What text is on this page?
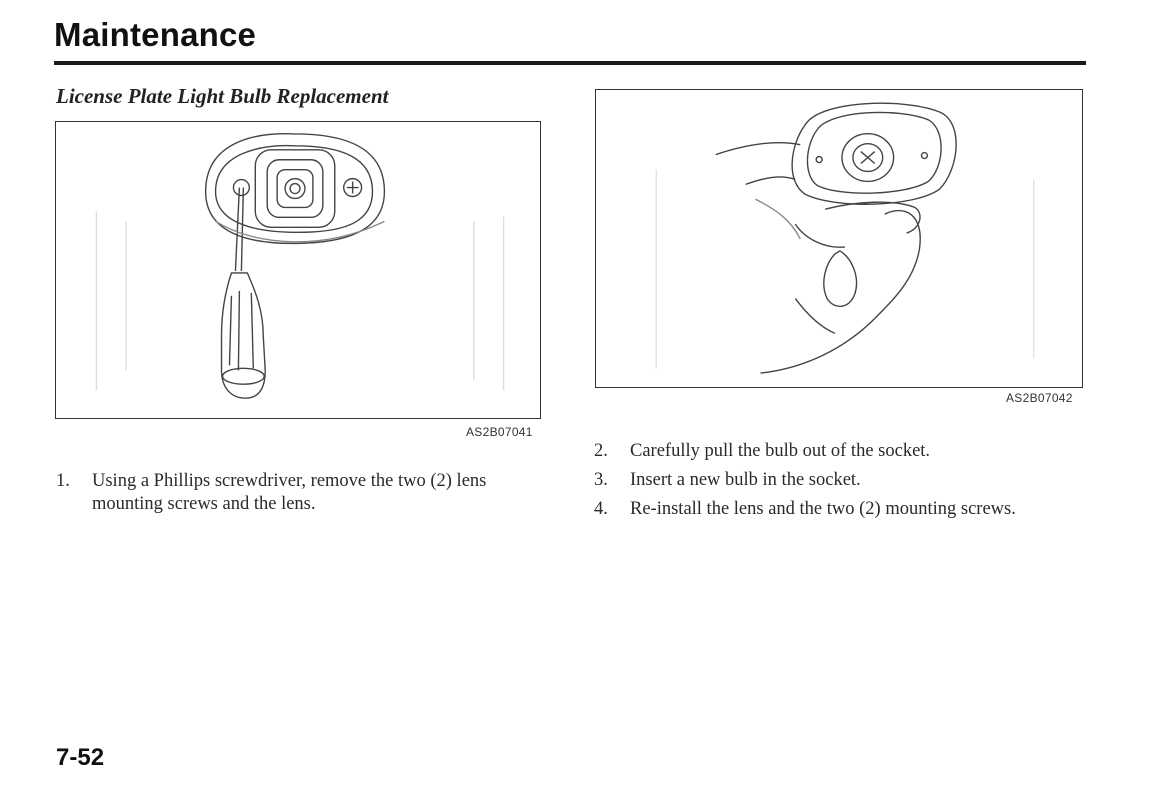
Maintenance
License Plate Light Bulb Replacement
AS2B07041
AS2B07042
1. Using a Phillips screwdriver, remove the two (2) lens mounting screws and the lens.
2. Carefully pull the bulb out of the socket.
3. Insert a new bulb in the socket.
4. Re-install the lens and the two (2) mounting screws.
7-52
